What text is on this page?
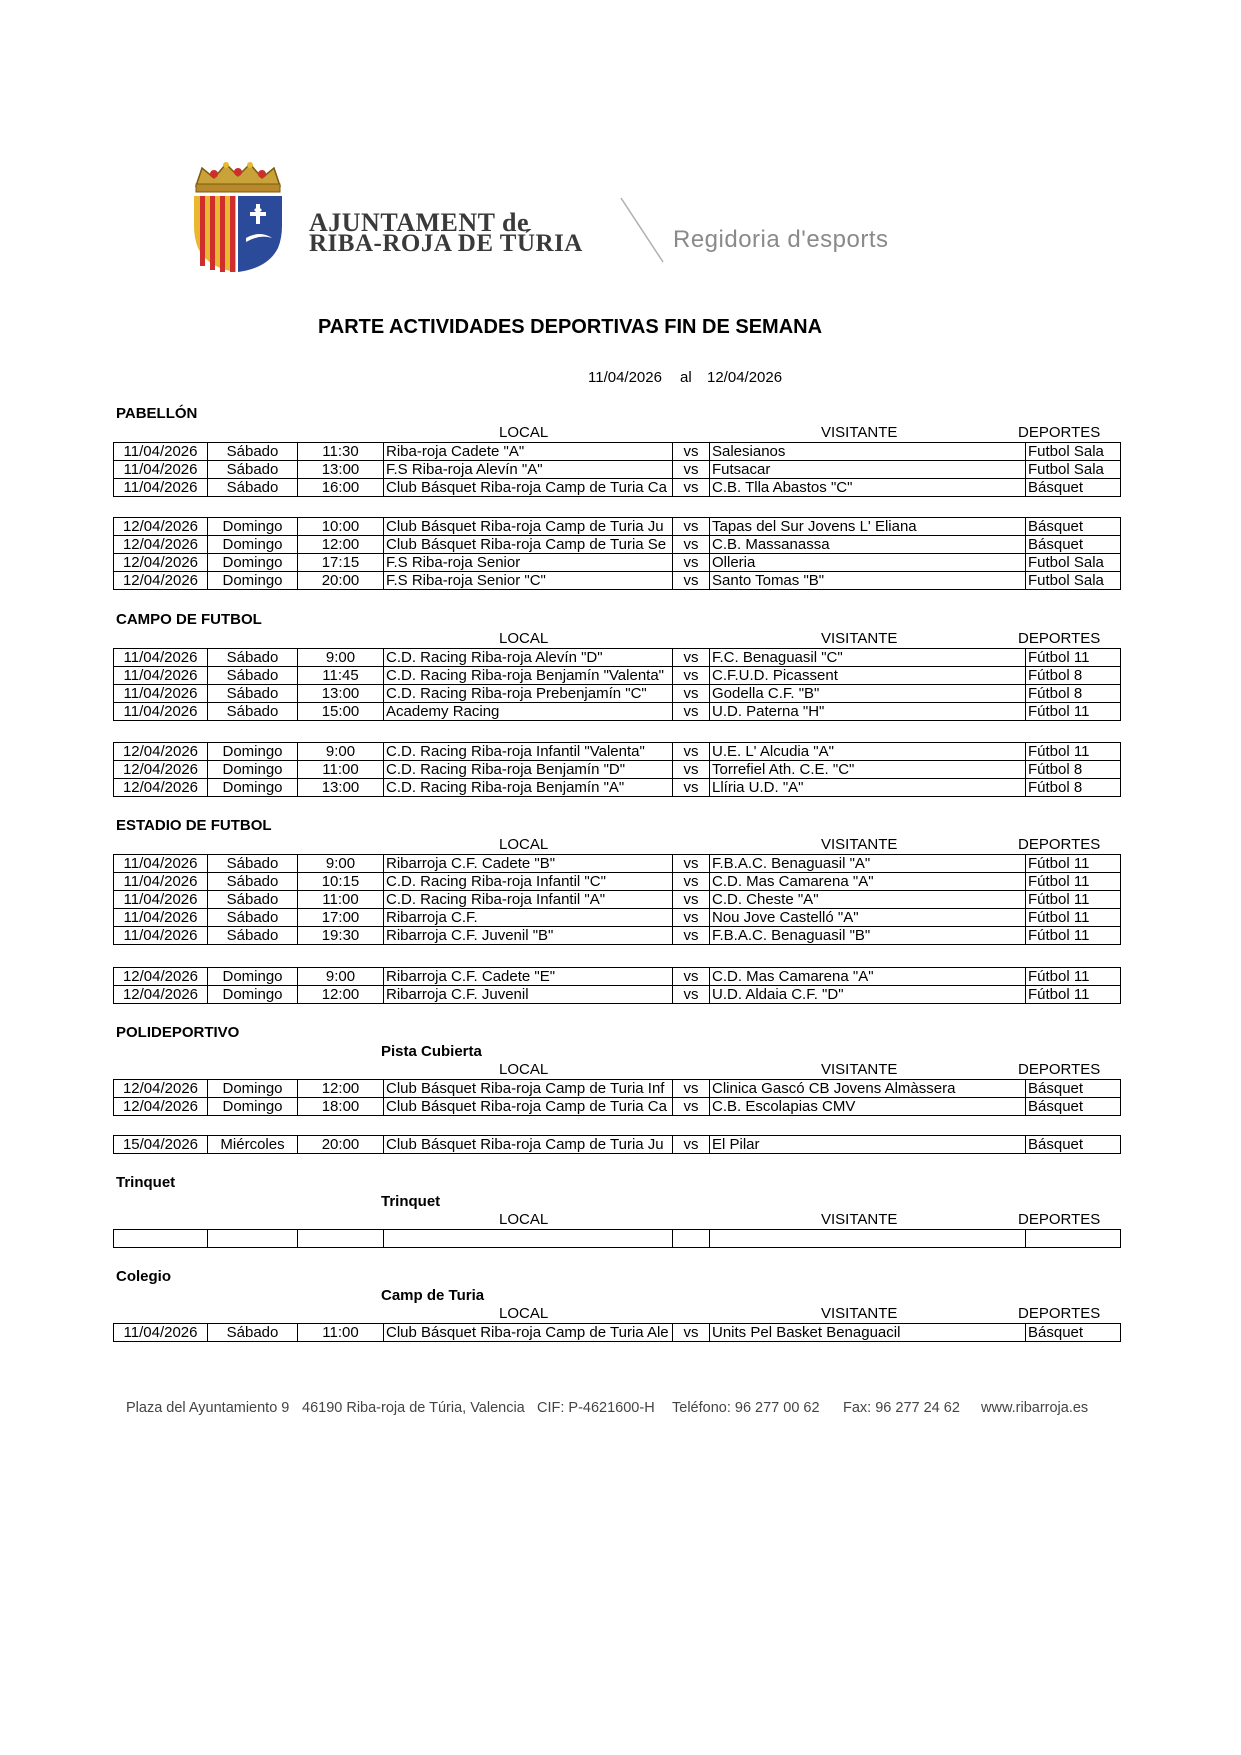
AJUNTAMENT de
RIBA-ROJA DE TÚRIA	Regidoria d'esports
PARTE ACTIVIDADES DEPORTIVAS FIN DE SEMANA
11/04/2026 al 12/04/2026
PABELLÓN
LOCAL	VISITANTE	DEPORTES
11/04/2026	Sábado	11:30	Riba-roja Cadete "A"	vs	Salesianos	Futbol Sala
11/04/2026	Sábado	13:00	F.S Riba-roja Alevín "A"	vs	Futsacar	Futbol Sala
11/04/2026	Sábado	16:00	Club Básquet Riba-roja Camp de Turia Ca	vs	C.B. Tlla Abastos "C"	Básquet
12/04/2026	Domingo	10:00	Club Básquet Riba-roja Camp de Turia Ju	vs	Tapas del Sur Jovens L' Eliana	Básquet
12/04/2026	Domingo	12:00	Club Básquet Riba-roja Camp de Turia Se	vs	C.B. Massanassa	Básquet
12/04/2026	Domingo	17:15	F.S Riba-roja Senior	vs	Olleria	Futbol Sala
12/04/2026	Domingo	20:00	F.S Riba-roja Senior "C"	vs	Santo Tomas "B"	Futbol Sala
CAMPO DE FUTBOL
LOCAL	VISITANTE	DEPORTES
11/04/2026	Sábado	9:00	C.D. Racing Riba-roja Alevín "D"	vs	F.C. Benaguasil "C"	Fútbol 11
11/04/2026	Sábado	11:45	C.D. Racing Riba-roja Benjamín "Valenta"	vs	C.F.U.D. Picassent	Fútbol 8
11/04/2026	Sábado	13:00	C.D. Racing Riba-roja Prebenjamín "C"	vs	Godella C.F. "B"	Fútbol 8
11/04/2026	Sábado	15:00	Academy Racing	vs	U.D. Paterna "H"	Fútbol 11
12/04/2026	Domingo	9:00	C.D. Racing Riba-roja Infantil "Valenta"	vs	U.E. L' Alcudia "A"	Fútbol 11
12/04/2026	Domingo	11:00	C.D. Racing Riba-roja Benjamín "D"	vs	Torrefiel Ath. C.E. "C"	Fútbol 8
12/04/2026	Domingo	13:00	C.D. Racing Riba-roja Benjamín "A"	vs	Llíria U.D. "A"	Fútbol 8
ESTADIO DE FUTBOL
LOCAL	VISITANTE	DEPORTES
11/04/2026	Sábado	9:00	Ribarroja C.F. Cadete "B"	vs	F.B.A.C. Benaguasil "A"	Fútbol 11
11/04/2026	Sábado	10:15	C.D. Racing Riba-roja Infantil "C"	vs	C.D. Mas Camarena "A"	Fútbol 11
11/04/2026	Sábado	11:00	C.D. Racing Riba-roja Infantil "A"	vs	C.D. Cheste "A"	Fútbol 11
11/04/2026	Sábado	17:00	Ribarroja C.F.	vs	Nou Jove Castelló "A"	Fútbol 11
11/04/2026	Sábado	19:30	Ribarroja C.F. Juvenil "B"	vs	F.B.A.C. Benaguasil "B"	Fútbol 11
12/04/2026	Domingo	9:00	Ribarroja C.F. Cadete "E"	vs	C.D. Mas Camarena "A"	Fútbol 11
12/04/2026	Domingo	12:00	Ribarroja C.F. Juvenil	vs	U.D. Aldaia C.F. "D"	Fútbol 11
POLIDEPORTIVO
Pista Cubierta
LOCAL	VISITANTE	DEPORTES
12/04/2026	Domingo	12:00	Club Básquet Riba-roja Camp de Turia Inf	vs	Clinica Gascó CB Jovens Almàssera	Básquet
12/04/2026	Domingo	18:00	Club Básquet Riba-roja Camp de Turia Ca	vs	C.B. Escolapias CMV	Básquet
15/04/2026	Miércoles	20:00	Club Básquet Riba-roja Camp de Turia Ju	vs	El Pilar	Básquet
Trinquet
Trinquet
LOCAL	VISITANTE	DEPORTES

Colegio
Camp de Turia
LOCAL	VISITANTE	DEPORTES
11/04/2026	Sábado	11:00	Club Básquet Riba-roja Camp de Turia Ale	vs	Units Pel Basket Benaguacil	Básquet
Plaza del Ayuntamiento 9 46190 Riba-roja de Túria, Valencia CIF: P-4621600-H Teléfono: 96 277 00 62 Fax: 96 277 24 62 www.ribarroja.es
